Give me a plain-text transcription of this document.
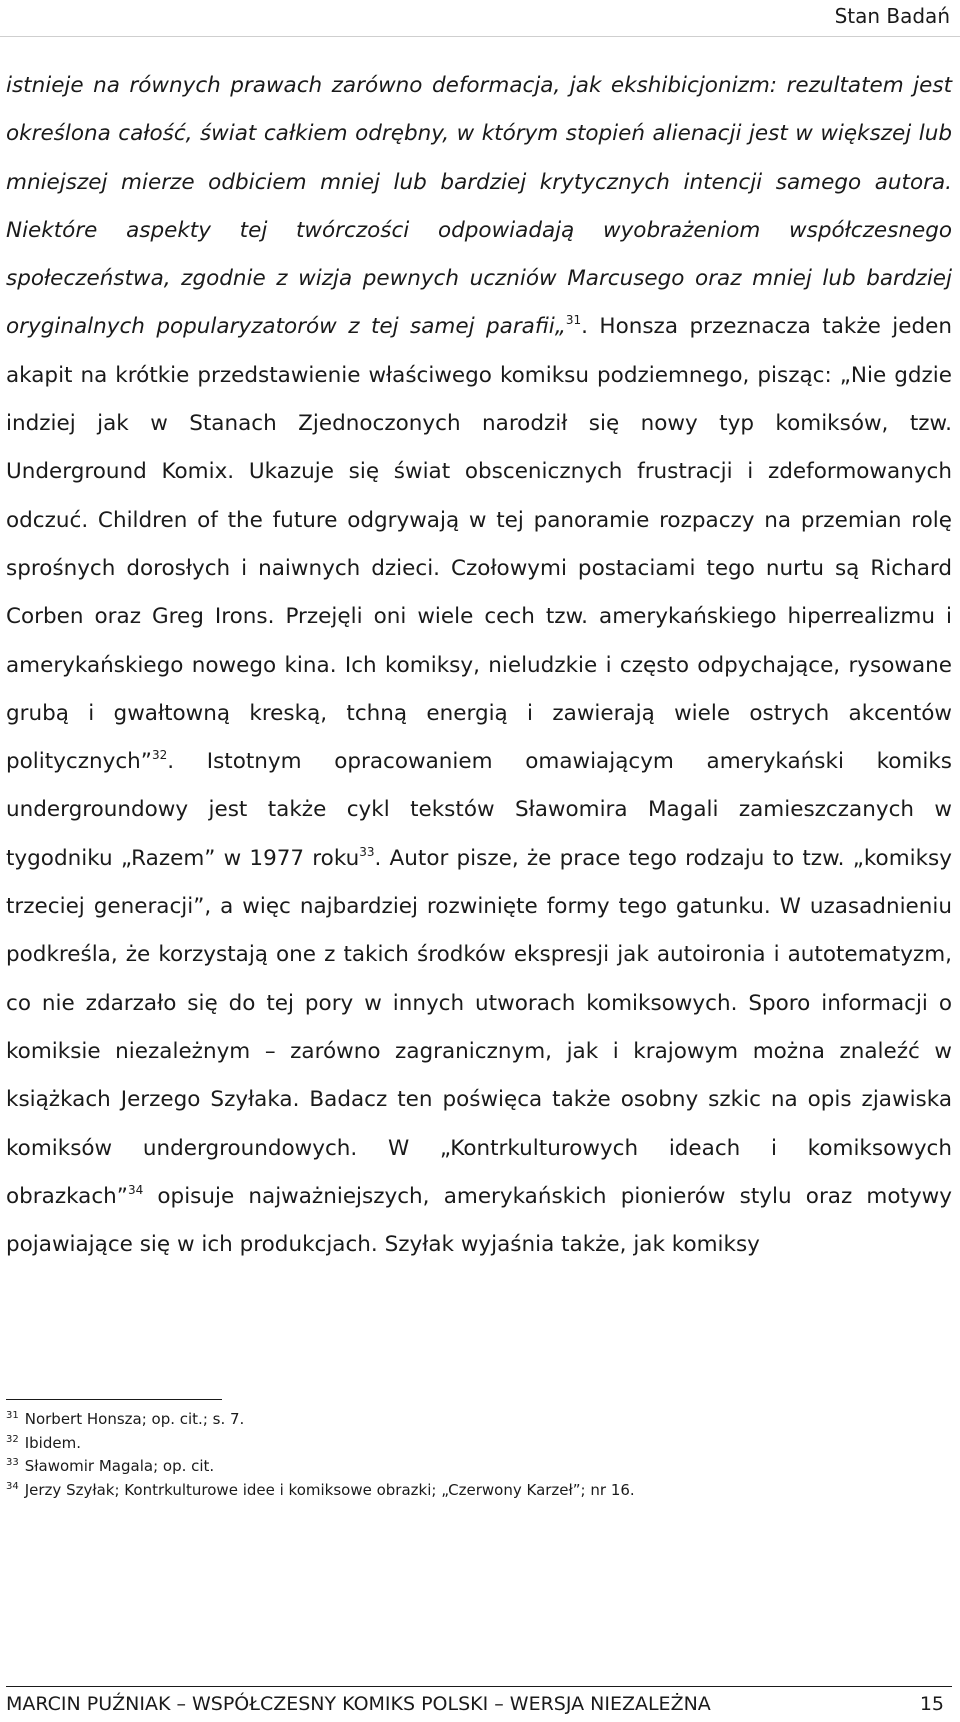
Stan Badań

istnieje na równych prawach zarówno deformacja, jak ekshibicjonizm: rezultatem jest określona całość, świat całkiem odrębny, w którym stopień alienacji jest w większej lub mniejszej mierze odbiciem mniej lub bardziej krytycznych intencji samego autora. Niektóre aspekty tej twórczości odpowiadają wyobrażeniom współczesnego społeczeństwa, zgodnie z wizja pewnych uczniów Marcusego oraz mniej lub bardziej oryginalnych popularyzatorów z tej samej parafii„$^{31}$. Honsza przeznacza także jeden akapit na krótkie przedstawienie właściwego komiksu podziemnego, pisząc: „Nie gdzie indziej jak w Stanach Zjednoczonych narodził się nowy typ komiksów, tzw. Underground Komix. Ukazuje się świat obscenicznych frustracji i zdeformowanych odczuć. Children of the future odgrywają w tej panoramie rozpaczy na przemian rolę sprośnych dorosłych i naiwnych dzieci. Czołowymi postaciami tego nurtu są Richard Corben oraz Greg Irons. Przejęli oni wiele cech tzw. amerykańskiego hiperrealizmu i amerykańskiego nowego kina. Ich komiksy, nieludzkie i często odpychające, rysowane grubą i gwałtowną kreską, tchną energią i zawierają wiele ostrych akcentów politycznych”$^{32}$. Istotnym opracowaniem omawiającym amerykański komiks undergroundowy jest także cykl tekstów Sławomira Magali zamieszczanych w tygodniku „Razem” w 1977 roku$^{33}$. Autor pisze, że prace tego rodzaju to tzw. „komiksy trzeciej generacji”, a więc najbardziej rozwinięte formy tego gatunku. W uzasadnieniu podkreśla, że korzystają one z takich środków ekspresji jak autoironia i autotematyzm, co nie zdarzało się do tej pory w innych utworach komiksowych. Sporo informacji o komiksie niezależnym – zarówno zagranicznym, jak i krajowym można znaleźć w książkach Jerzego Szyłaka. Badacz ten poświęca także osobny szkic na opis zjawiska komiksów undergroundowych. W „Kontrkulturowych ideach i komiksowych obrazkach”$^{34}$ opisuje najważniejszych, amerykańskich pionierów stylu oraz motywy pojawiające się w ich produkcjach. Szyłak wyjaśnia także, jak komiksy

$^{31}$ Norbert Honsza; op. cit.; s. 7.
$^{32}$ Ibidem.
$^{33}$ Sławomir Magala; op. cit.
$^{34}$ Jerzy Szyłak; Kontrkulturowe idee i komiksowe obrazki; „Czerwony Karzeł”; nr 16.
MARCIN PUŹNIAK – WSPÓŁCZESNY KOMIKS POLSKI – WERSJA NIEZALEŻNA	15
